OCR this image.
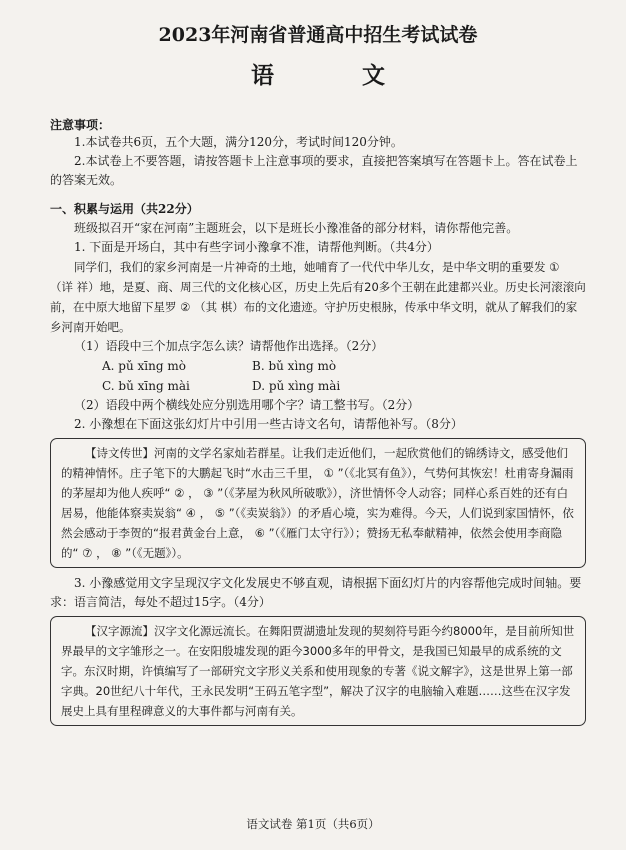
2023年河南省普通高中招生考试试卷
语 文
注意事项：

1.本试卷共6页，五个大题，满分120分，考试时间120分钟。

2.本试卷上不要答题，请按答题卡上注意事项的要求，直接把答案填写在答题卡上。答在试卷上的答案无效。

一、积累与运用（共22分）

班级拟召开“家在河南”主题班会，以下是班长小豫准备的部分材料，请你帮他完善。

1. 下面是开场白，其中有些字词小豫拿不准，请帮他判断。（共4分）

同学们，我们的家乡河南是一片神奇的土地，她哺育了一代代中华儿女，是中华文明的重要发 ① （详 祥）地，是夏、商、周三代的文化核心区，历史上先后有20多个王朝在此建都兴业。历史长河滚滚向前，在中原大地留下星罗 ② （其 棋）布的文化遗迹。守护历史根脉，传承中华文明，就从了解我们的家乡河南开始吧。

（1）语段中三个加点字怎么读？请帮他作出选择。（2分）

A. pǔ xīng mò	B. bǔ xìng mò
C. bǔ xīng mài	D. pǔ xìng mài

（2）语段中两个横线处应分别选用哪个字？请工整书写。（2分）

2. 小豫想在下面这张幻灯片中引用一些古诗文名句，请帮他补写。（8分）

【诗文传世】河南的文学名家灿若群星。让我们走近他们，一起欣赏他们的锦绣诗文，感受他们的精神情怀。庄子笔下的大鹏起飞时“水击三千里， ① ”（《北冥有鱼》），气势何其恢宏！杜甫寄身漏雨的茅屋却为他人疾呼“ ② ， ③ ”（《茅屋为秋风所破歌》），济世情怀令人动容；同样心系百姓的还有白居易，他能体察卖炭翁“ ④ ， ⑤ ”（《卖炭翁》）的矛盾心境，实为难得。今天，人们说到家国情怀，依然会感动于李贺的“报君黄金台上意， ⑥ ”（《雁门太守行》）；赞扬无私奉献精神，依然会使用李商隐的“ ⑦ ， ⑧ ”（《无题》）。

3. 小豫感觉用文字呈现汉字文化发展史不够直观，请根据下面幻灯片的内容帮他完成时间轴。要求：语言简洁，每处不超过15字。（4分）

【汉字源流】汉字文化源远流长。在舞阳贾湖遗址发现的契刻符号距今约8000年，是目前所知世界最早的文字雏形之一。在安阳殷墟发现的距今3000多年的甲骨文，是我国已知最早的成系统的文字。东汉时期，许慎编写了一部研究文字形义关系和使用现象的专著《说文解字》，这是世界上第一部字典。20世纪八十年代，王永民发明“王码五笔字型”，解决了汉字的电脑输入难题……这些在汉字发展史上具有里程碑意义的大事件都与河南有关。

语文试卷 第1页（共6页）
